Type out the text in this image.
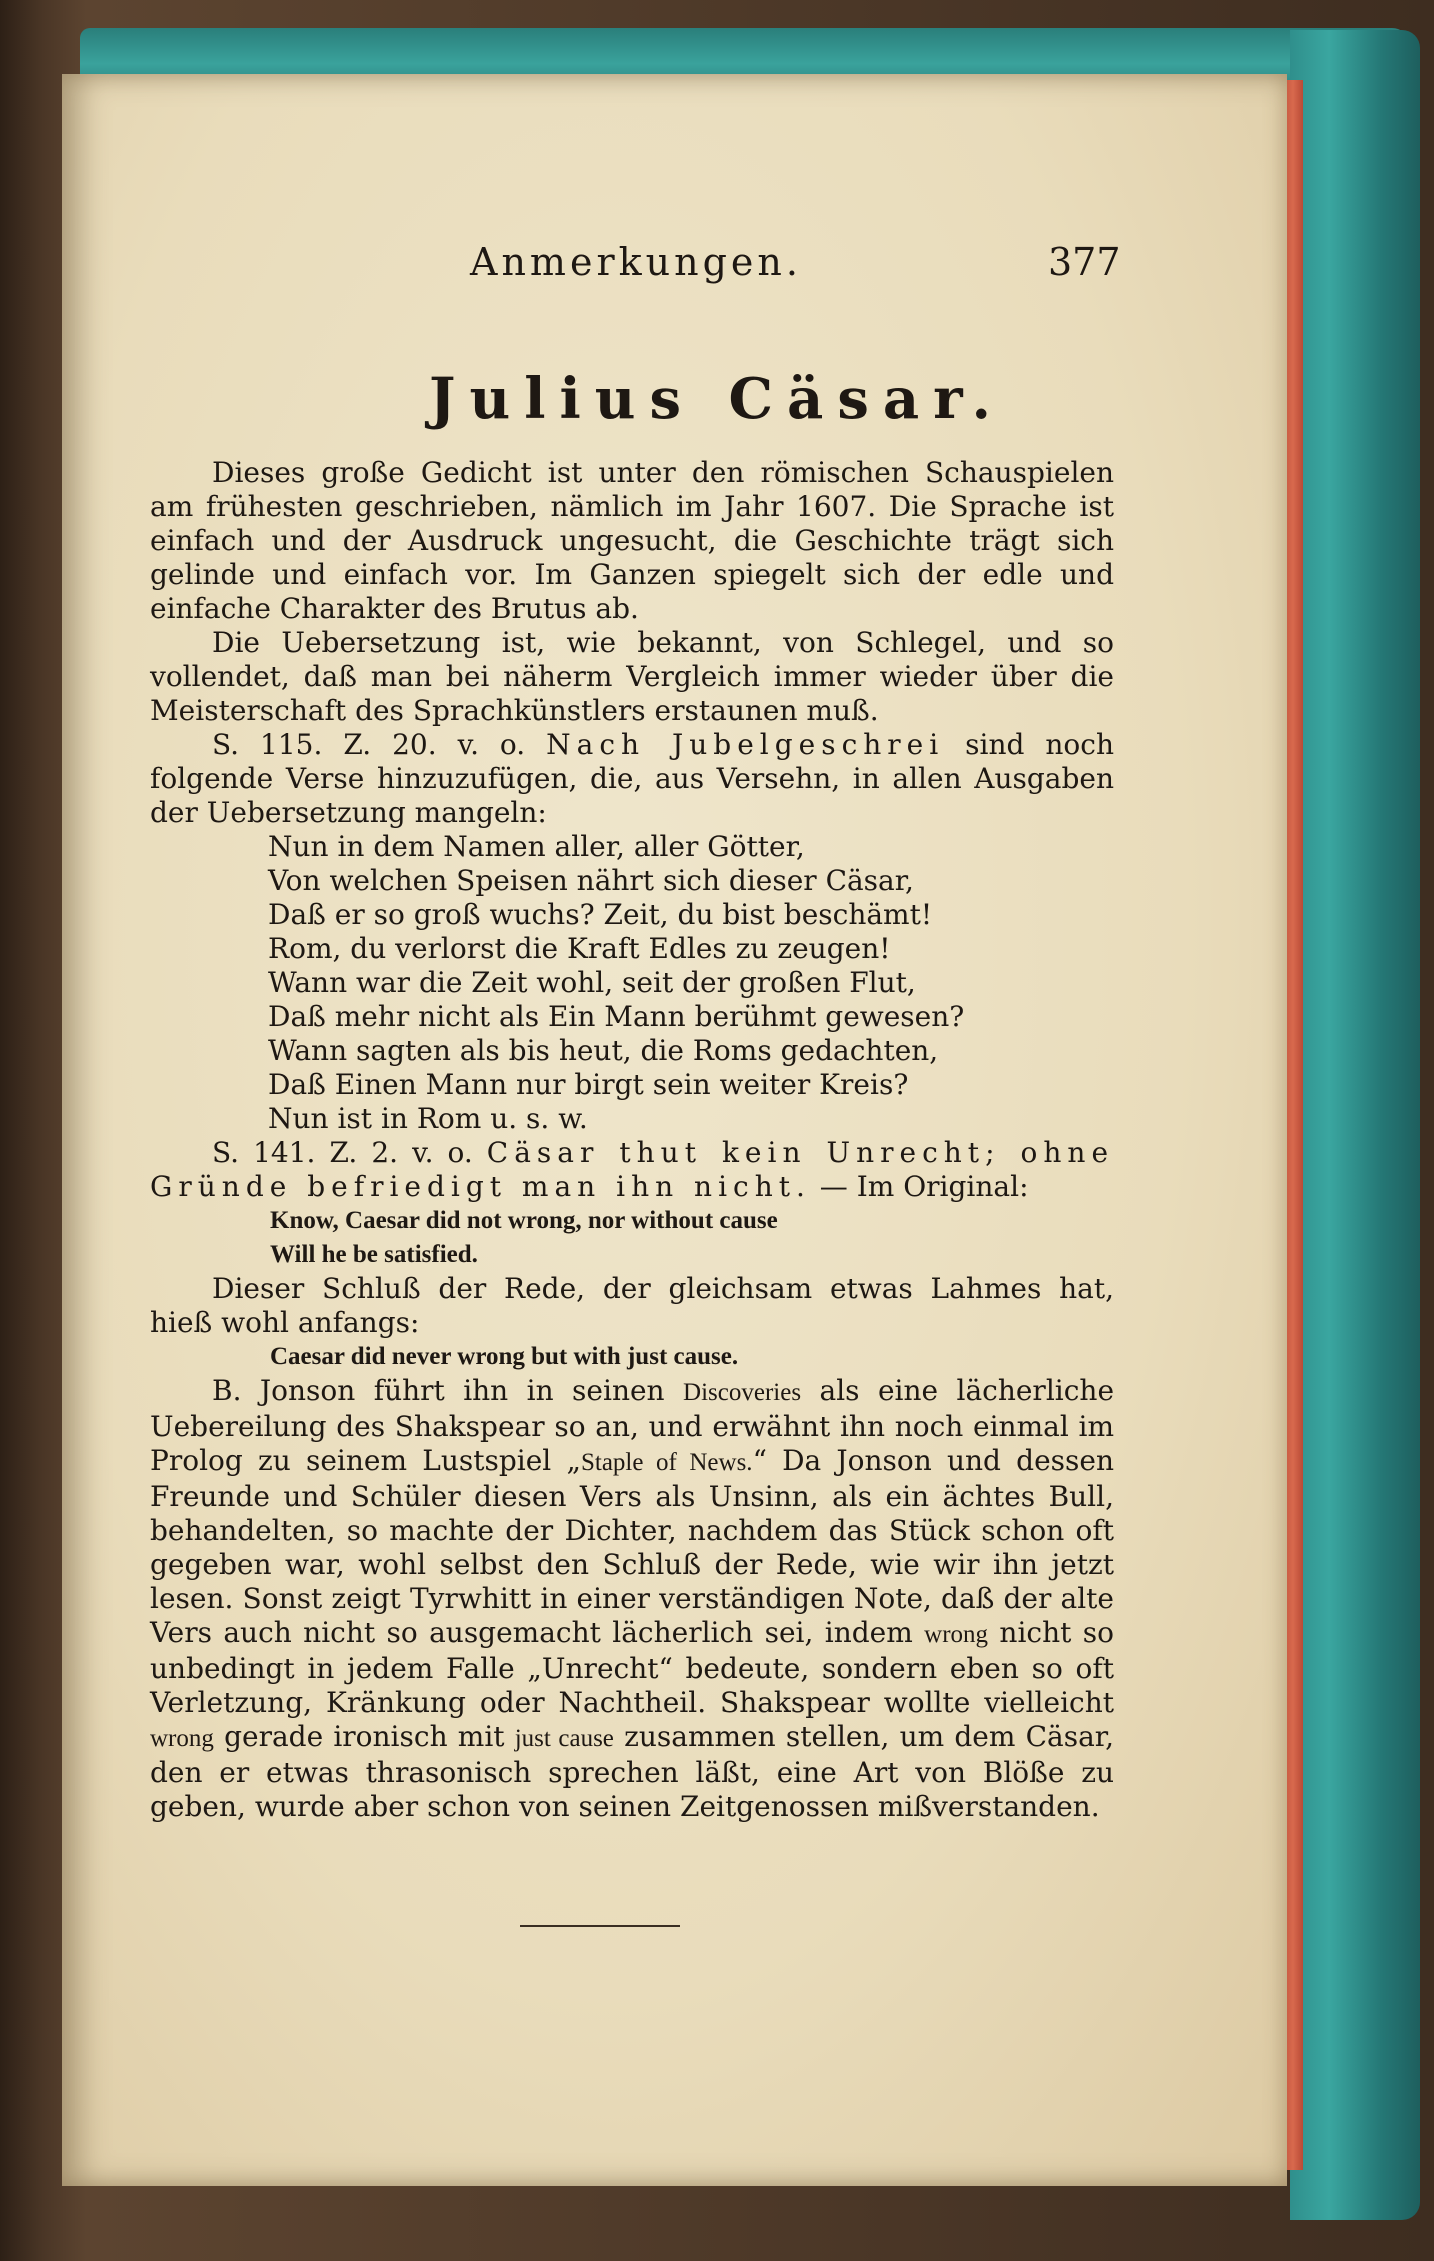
Anmerkungen.	377
Julius Cäsar.

Dieses große Gedicht ist unter den römischen Schauspielen am frühesten geschrieben, nämlich im Jahr 1607. Die Sprache ist einfach und der Ausdruck ungesucht, die Geschichte trägt sich gelinde und einfach vor. Im Ganzen spiegelt sich der edle und einfache Charakter des Brutus ab.

Die Uebersetzung ist, wie bekannt, von Schlegel, und so vollendet, daß man bei näherm Vergleich immer wieder über die Meisterschaft des Sprachkünstlers erstaunen muß.

S. 115. Z. 20. v. o. Nach Jubelgeschrei sind noch folgende Verse hinzuzufügen, die, aus Versehn, in allen Ausgaben der Uebersetzung mangeln:

Nun in dem Namen aller, aller Götter,
Von welchen Speisen nährt sich dieser Cäsar,
Daß er so groß wuchs? Zeit, du bist beschämt!
Rom, du verlorst die Kraft Edles zu zeugen!
Wann war die Zeit wohl, seit der großen Flut,
Daß mehr nicht als Ein Mann berühmt gewesen?
Wann sagten als bis heut, die Roms gedachten,
Daß Einen Mann nur birgt sein weiter Kreis?
Nun ist in Rom u. s. w.

S. 141. Z. 2. v. o. Cäsar thut kein Unrecht; ohne Gründe befriedigt man ihn nicht. — Im Original:

Know, Caesar did not wrong, nor without cause
Will he be satisfied.

Dieser Schluß der Rede, der gleichsam etwas Lahmes hat, hieß wohl anfangs:

Caesar did never wrong but with just cause.

B. Jonson führt ihn in seinen Discoveries als eine lächerliche Uebereilung des Shakspear so an, und erwähnt ihn noch einmal im Prolog zu seinem Lustspiel „Staple of News.“ Da Jonson und dessen Freunde und Schüler diesen Vers als Unsinn, als ein ächtes Bull, behandelten, so machte der Dichter, nachdem das Stück schon oft gegeben war, wohl selbst den Schluß der Rede, wie wir ihn jetzt lesen. Sonst zeigt Tyrwhitt in einer verständigen Note, daß der alte Vers auch nicht so ausgemacht lächerlich sei, indem wrong nicht so unbedingt in jedem Falle „Unrecht“ bedeute, sondern eben so oft Verletzung, Kränkung oder Nachtheil. Shakspear wollte vielleicht wrong gerade ironisch mit just cause zusammen stellen, um dem Cäsar, den er etwas thrasonisch sprechen läßt, eine Art von Blöße zu geben, wurde aber schon von seinen Zeitgenossen mißverstanden.
